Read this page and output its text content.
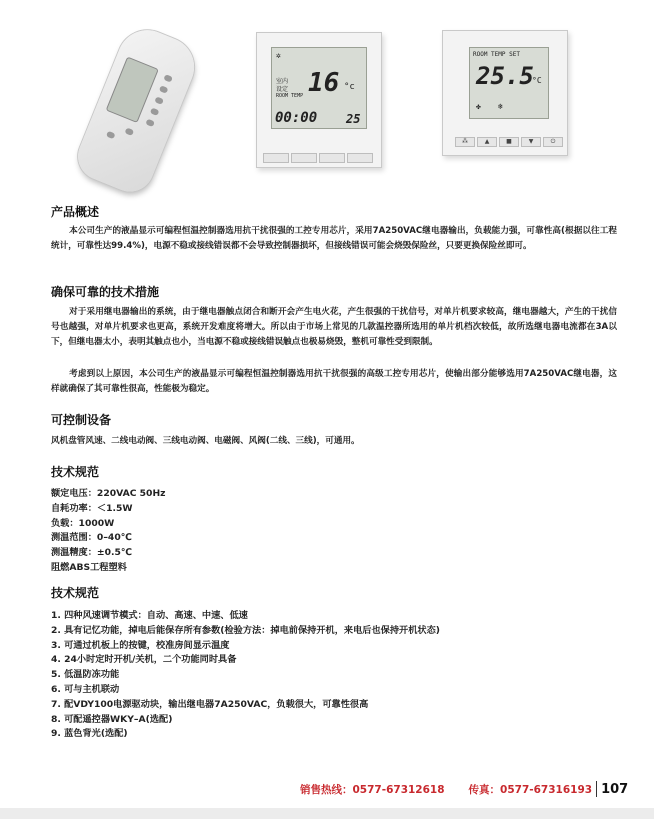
✲
室内
设定
ROOM TEMP 16 °c
00:00 25
ROOM TEMP SET
25.5
°C
✤ ❄
⁂	▲	■	▼	⏻
产品概述
本公司生产的液晶显示可编程恒温控制器选用抗干扰很强的工控专用芯片，采用7A250VAC继电器输出，负载能力强，可靠性高(根据以往工程统计，可靠性达99.4%)，电源不稳或接线错误都不会导致控制器损坏，但接线错误可能会烧毁保险丝，只要更换保险丝即可。
确保可靠的技术措施
对于采用继电器输出的系统，由于继电器触点闭合和断开会产生电火花，产生很强的干扰信号，对单片机要求较高，继电器越大，产生的干扰信号也越强，对单片机要求也更高，系统开发难度将增大。所以由于市场上常见的几款温控器所选用的单片机档次较低，故所选继电器电流都在3A以下，但继电器太小，表明其触点也小，当电源不稳或接线错误触点也极易烧毁，整机可靠性受到限制。
考虑到以上原因，本公司生产的液晶显示可编程恒温控制器选用抗干扰很强的高级工控专用芯片，使输出部分能够选用7A250VAC继电器，这样就确保了其可靠性很高，性能极为稳定。
可控制设备
风机盘管风速、二线电动阀、三线电动阀、电磁阀、风阀(二线、三线)，可通用。
技术规范
额定电压：220VAC 50Hz
自耗功率：＜1.5W
负载：1000W
测温范围：0–40℃
测温精度：±0.5℃
阻燃ABS工程塑料
技术规范
1. 四种风速调节模式：自动、高速、中速、低速
2. 具有记忆功能，掉电后能保存所有参数(检验方法：掉电前保持开机，来电后也保持开机状态)
3. 可通过机板上的按键，校准房间显示温度
4. 24小时定时开机/关机，二个功能同时具备
5. 低温防冻功能
6. 可与主机联动
7. 配VDY100电源驱动块，输出继电器7A250VAC，负载很大，可靠性很高
8. 可配遥控器WKY–A(选配)
9. 蓝色背光(选配)
销售热线：0577-67312618 传真：0577-67316193 107
